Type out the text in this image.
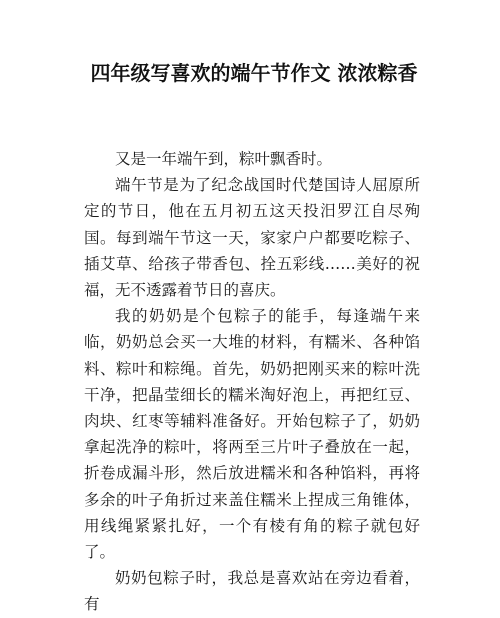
四年级写喜欢的端午节作文 浓浓粽香

又是一年端午到，粽叶飘香时。

端午节是为了纪念战国时代楚国诗人屈原所定的节日，他在五月初五这天投汨罗江自尽殉国。每到端午节这一天，家家户户都要吃粽子、插艾草、给孩子带香包、拴五彩线……美好的祝福，无不透露着节日的喜庆。

我的奶奶是个包粽子的能手，每逢端午来临，奶奶总会买一大堆的材料，有糯米、各种馅料、粽叶和粽绳。首先，奶奶把刚买来的粽叶洗干净，把晶莹细长的糯米淘好泡上，再把红豆、肉块、红枣等辅料准备好。开始包粽子了，奶奶拿起洗净的粽叶，将两至三片叶子叠放在一起，折卷成漏斗形，然后放进糯米和各种馅料，再将多余的叶子角折过来盖住糯米上捏成三角锥体，用线绳紧紧扎好，一个有棱有角的粽子就包好了。

奶奶包粽子时，我总是喜欢站在旁边看着，有
